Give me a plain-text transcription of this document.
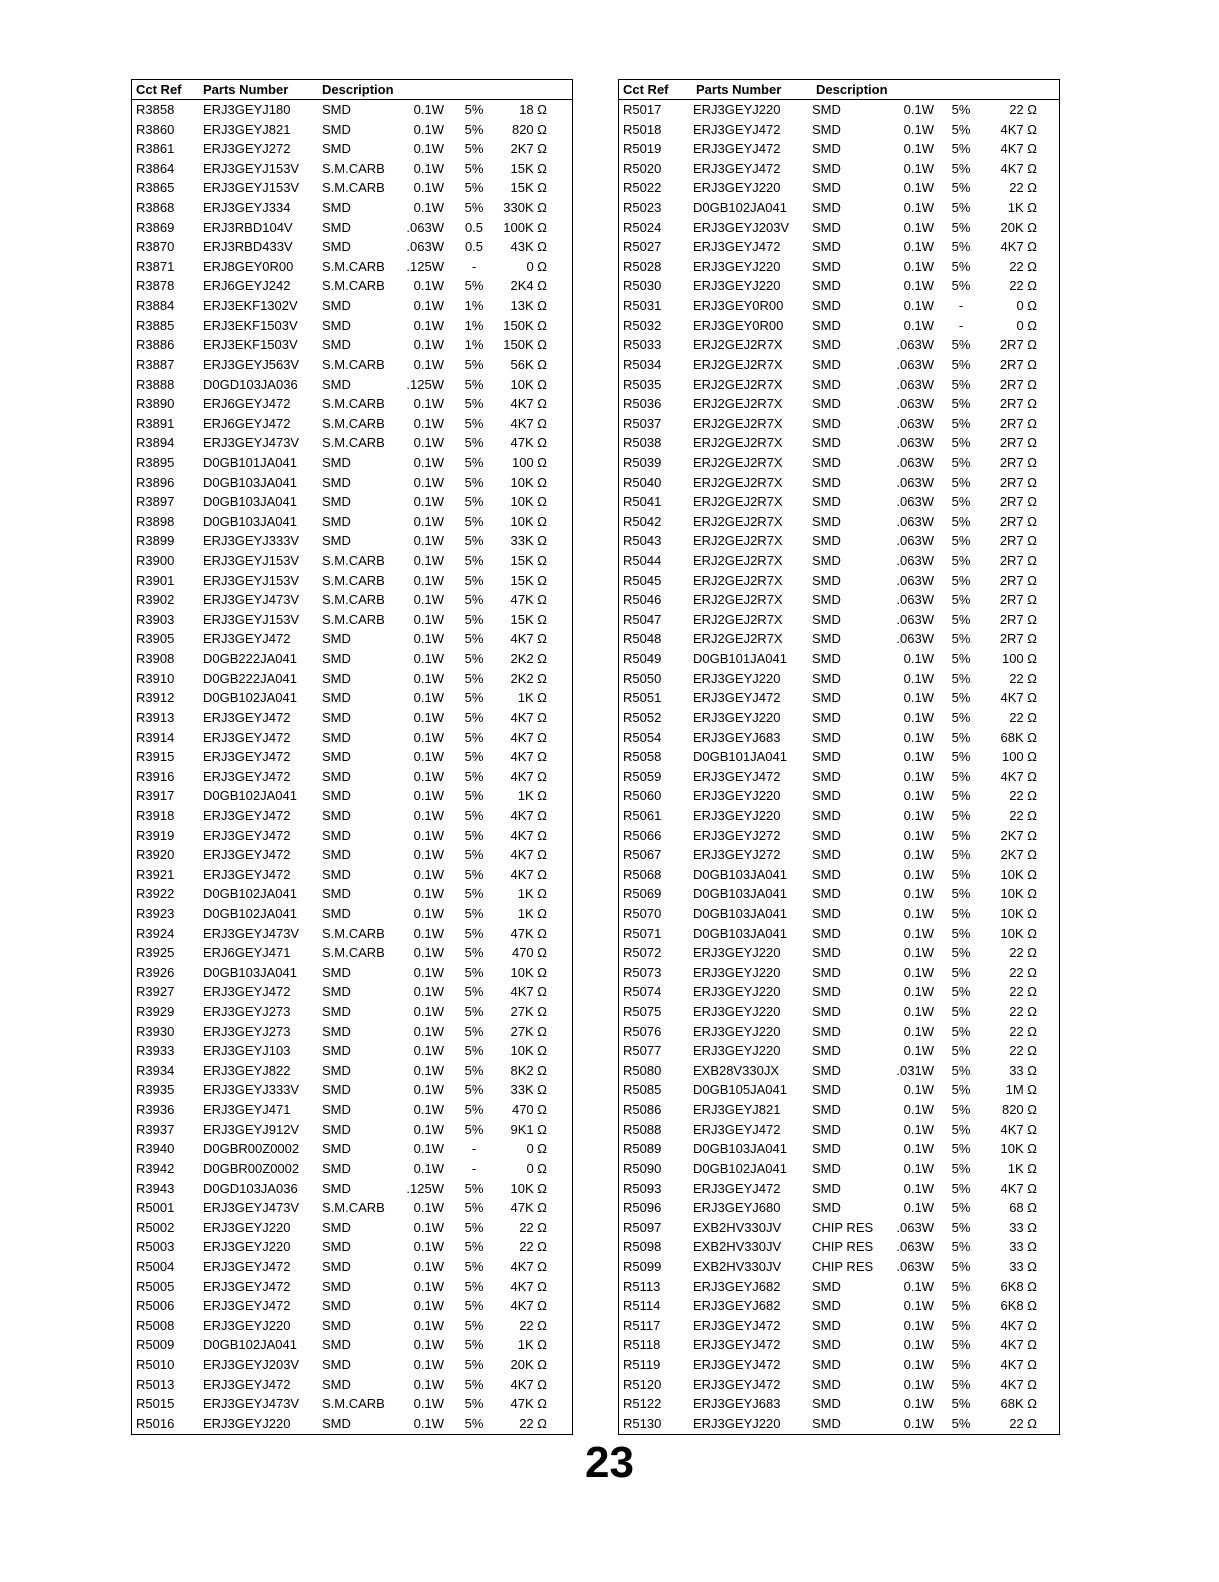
Cct Ref Parts Number	Description
R3858 ERJ3GEYJ180 SMD	0.1W	5%	18 Ω
R3860 ERJ3GEYJ821 SMD	0.1W	5%	820 Ω
R3861 ERJ3GEYJ272 SMD	0.1W	5%	2K7 Ω
R3864 ERJ3GEYJ153V S.M.CARB	0.1W	5%	15K Ω
R3865 ERJ3GEYJ153V S.M.CARB	0.1W	5%	15K Ω
R3868 ERJ3GEYJ334 SMD	0.1W	5%	330K Ω
R3869 ERJ3RBD104V SMD	.063W	0.5	100K Ω
R3870 ERJ3RBD433V SMD	.063W	0.5	43K Ω
R3871 ERJ8GEY0R00 S.M.CARB	.125W	-	0 Ω
R3878 ERJ6GEYJ242 S.M.CARB	0.1W	5%	2K4 Ω
R3884 ERJ3EKF1302V SMD	0.1W	1%	13K Ω
R3885 ERJ3EKF1503V SMD	0.1W	1%	150K Ω
R3886 ERJ3EKF1503V SMD	0.1W	1%	150K Ω
R3887 ERJ3GEYJ563V S.M.CARB	0.1W	5%	56K Ω
R3888 D0GD103JA036 SMD	.125W	5%	10K Ω
R3890 ERJ6GEYJ472 S.M.CARB	0.1W	5%	4K7 Ω
R3891 ERJ6GEYJ472 S.M.CARB	0.1W	5%	4K7 Ω
R3894 ERJ3GEYJ473V S.M.CARB	0.1W	5%	47K Ω
R3895 D0GB101JA041 SMD	0.1W	5%	100 Ω
R3896 D0GB103JA041 SMD	0.1W	5%	10K Ω
R3897 D0GB103JA041 SMD	0.1W	5%	10K Ω
R3898 D0GB103JA041 SMD	0.1W	5%	10K Ω
R3899 ERJ3GEYJ333V SMD	0.1W	5%	33K Ω
R3900 ERJ3GEYJ153V S.M.CARB	0.1W	5%	15K Ω
R3901 ERJ3GEYJ153V S.M.CARB	0.1W	5%	15K Ω
R3902 ERJ3GEYJ473V S.M.CARB	0.1W	5%	47K Ω
R3903 ERJ3GEYJ153V S.M.CARB	0.1W	5%	15K Ω
R3905 ERJ3GEYJ472 SMD	0.1W	5%	4K7 Ω
R3908 D0GB222JA041 SMD	0.1W	5%	2K2 Ω
R3910 D0GB222JA041 SMD	0.1W	5%	2K2 Ω
R3912 D0GB102JA041 SMD	0.1W	5%	1K Ω
R3913 ERJ3GEYJ472 SMD	0.1W	5%	4K7 Ω
R3914 ERJ3GEYJ472 SMD	0.1W	5%	4K7 Ω
R3915 ERJ3GEYJ472 SMD	0.1W	5%	4K7 Ω
R3916 ERJ3GEYJ472 SMD	0.1W	5%	4K7 Ω
R3917 D0GB102JA041 SMD	0.1W	5%	1K Ω
R3918 ERJ3GEYJ472 SMD	0.1W	5%	4K7 Ω
R3919 ERJ3GEYJ472 SMD	0.1W	5%	4K7 Ω
R3920 ERJ3GEYJ472 SMD	0.1W	5%	4K7 Ω
R3921 ERJ3GEYJ472 SMD	0.1W	5%	4K7 Ω
R3922 D0GB102JA041 SMD	0.1W	5%	1K Ω
R3923 D0GB102JA041 SMD	0.1W	5%	1K Ω
R3924 ERJ3GEYJ473V S.M.CARB	0.1W	5%	47K Ω
R3925 ERJ6GEYJ471 S.M.CARB	0.1W	5%	470 Ω
R3926 D0GB103JA041 SMD	0.1W	5%	10K Ω
R3927 ERJ3GEYJ472 SMD	0.1W	5%	4K7 Ω
R3929 ERJ3GEYJ273 SMD	0.1W	5%	27K Ω
R3930 ERJ3GEYJ273 SMD	0.1W	5%	27K Ω
R3933 ERJ3GEYJ103 SMD	0.1W	5%	10K Ω
R3934 ERJ3GEYJ822 SMD	0.1W	5%	8K2 Ω
R3935 ERJ3GEYJ333V SMD	0.1W	5%	33K Ω
R3936 ERJ3GEYJ471 SMD	0.1W	5%	470 Ω
R3937 ERJ3GEYJ912V SMD	0.1W	5%	9K1 Ω
R3940 D0GBR00Z0002 SMD	0.1W	-	0 Ω
R3942 D0GBR00Z0002 SMD	0.1W	-	0 Ω
R3943 D0GD103JA036 SMD	.125W	5%	10K Ω
R5001 ERJ3GEYJ473V S.M.CARB	0.1W	5%	47K Ω
R5002 ERJ3GEYJ220 SMD	0.1W	5%	22 Ω
R5003 ERJ3GEYJ220 SMD	0.1W	5%	22 Ω
R5004 ERJ3GEYJ472 SMD	0.1W	5%	4K7 Ω
R5005 ERJ3GEYJ472 SMD	0.1W	5%	4K7 Ω
R5006 ERJ3GEYJ472 SMD	0.1W	5%	4K7 Ω
R5008 ERJ3GEYJ220 SMD	0.1W	5%	22 Ω
R5009 D0GB102JA041 SMD	0.1W	5%	1K Ω
R5010 ERJ3GEYJ203V SMD	0.1W	5%	20K Ω
R5013 ERJ3GEYJ472 SMD	0.1W	5%	4K7 Ω
R5015 ERJ3GEYJ473V S.M.CARB	0.1W	5%	47K Ω
R5016 ERJ3GEYJ220 SMD	0.1W	5%	22 Ω
Cct Ref Parts Number	Description
R5017 ERJ3GEYJ220 SMD	0.1W	5%	22 Ω
R5018 ERJ3GEYJ472 SMD	0.1W	5%	4K7 Ω
R5019 ERJ3GEYJ472 SMD	0.1W	5%	4K7 Ω
R5020 ERJ3GEYJ472 SMD	0.1W	5%	4K7 Ω
R5022 ERJ3GEYJ220 SMD	0.1W	5%	22 Ω
R5023 D0GB102JA041 SMD	0.1W	5%	1K Ω
R5024 ERJ3GEYJ203V SMD	0.1W	5%	20K Ω
R5027 ERJ3GEYJ472 SMD	0.1W	5%	4K7 Ω
R5028 ERJ3GEYJ220 SMD	0.1W	5%	22 Ω
R5030 ERJ3GEYJ220 SMD	0.1W	5%	22 Ω
R5031 ERJ3GEY0R00 SMD	0.1W	-	0 Ω
R5032 ERJ3GEY0R00 SMD	0.1W	-	0 Ω
R5033 ERJ2GEJ2R7X SMD	.063W	5%	2R7 Ω
R5034 ERJ2GEJ2R7X SMD	.063W	5%	2R7 Ω
R5035 ERJ2GEJ2R7X SMD	.063W	5%	2R7 Ω
R5036 ERJ2GEJ2R7X SMD	.063W	5%	2R7 Ω
R5037 ERJ2GEJ2R7X SMD	.063W	5%	2R7 Ω
R5038 ERJ2GEJ2R7X SMD	.063W	5%	2R7 Ω
R5039 ERJ2GEJ2R7X SMD	.063W	5%	2R7 Ω
R5040 ERJ2GEJ2R7X SMD	.063W	5%	2R7 Ω
R5041 ERJ2GEJ2R7X SMD	.063W	5%	2R7 Ω
R5042 ERJ2GEJ2R7X SMD	.063W	5%	2R7 Ω
R5043 ERJ2GEJ2R7X SMD	.063W	5%	2R7 Ω
R5044 ERJ2GEJ2R7X SMD	.063W	5%	2R7 Ω
R5045 ERJ2GEJ2R7X SMD	.063W	5%	2R7 Ω
R5046 ERJ2GEJ2R7X SMD	.063W	5%	2R7 Ω
R5047 ERJ2GEJ2R7X SMD	.063W	5%	2R7 Ω
R5048 ERJ2GEJ2R7X SMD	.063W	5%	2R7 Ω
R5049 D0GB101JA041 SMD	0.1W	5%	100 Ω
R5050 ERJ3GEYJ220 SMD	0.1W	5%	22 Ω
R5051 ERJ3GEYJ472 SMD	0.1W	5%	4K7 Ω
R5052 ERJ3GEYJ220 SMD	0.1W	5%	22 Ω
R5054 ERJ3GEYJ683 SMD	0.1W	5%	68K Ω
R5058 D0GB101JA041 SMD	0.1W	5%	100 Ω
R5059 ERJ3GEYJ472 SMD	0.1W	5%	4K7 Ω
R5060 ERJ3GEYJ220 SMD	0.1W	5%	22 Ω
R5061 ERJ3GEYJ220 SMD	0.1W	5%	22 Ω
R5066 ERJ3GEYJ272 SMD	0.1W	5%	2K7 Ω
R5067 ERJ3GEYJ272 SMD	0.1W	5%	2K7 Ω
R5068 D0GB103JA041 SMD	0.1W	5%	10K Ω
R5069 D0GB103JA041 SMD	0.1W	5%	10K Ω
R5070 D0GB103JA041 SMD	0.1W	5%	10K Ω
R5071 D0GB103JA041 SMD	0.1W	5%	10K Ω
R5072 ERJ3GEYJ220 SMD	0.1W	5%	22 Ω
R5073 ERJ3GEYJ220 SMD	0.1W	5%	22 Ω
R5074 ERJ3GEYJ220 SMD	0.1W	5%	22 Ω
R5075 ERJ3GEYJ220 SMD	0.1W	5%	22 Ω
R5076 ERJ3GEYJ220 SMD	0.1W	5%	22 Ω
R5077 ERJ3GEYJ220 SMD	0.1W	5%	22 Ω
R5080 EXB28V330JX	SMD	.031W	5%	33 Ω
R5085 D0GB105JA041 SMD	0.1W	5%	1M Ω
R5086 ERJ3GEYJ821 SMD	0.1W	5%	820 Ω
R5088 ERJ3GEYJ472 SMD	0.1W	5%	4K7 Ω
R5089 D0GB103JA041 SMD	0.1W	5%	10K Ω
R5090 D0GB102JA041 SMD	0.1W	5%	1K Ω
R5093 ERJ3GEYJ472 SMD	0.1W	5%	4K7 Ω
R5096 ERJ3GEYJ680 SMD	0.1W	5%	68 Ω
R5097 EXB2HV330JV CHIP RES	.063W	5%	33 Ω
R5098 EXB2HV330JV CHIP RES	.063W	5%	33 Ω
R5099 EXB2HV330JV CHIP RES	.063W	5%	33 Ω
R5113	ERJ3GEYJ682 SMD	0.1W	5%	6K8 Ω
R5114	ERJ3GEYJ682 SMD	0.1W	5%	6K8 Ω
R5117	ERJ3GEYJ472 SMD	0.1W	5%	4K7 Ω
R5118	ERJ3GEYJ472 SMD	0.1W	5%	4K7 Ω
R5119	ERJ3GEYJ472 SMD	0.1W	5%	4K7 Ω
R5120 ERJ3GEYJ472 SMD	0.1W	5%	4K7 Ω
R5122 ERJ3GEYJ683 SMD	0.1W	5%	68K Ω
R5130 ERJ3GEYJ220 SMD	0.1W	5%	22 Ω
23
